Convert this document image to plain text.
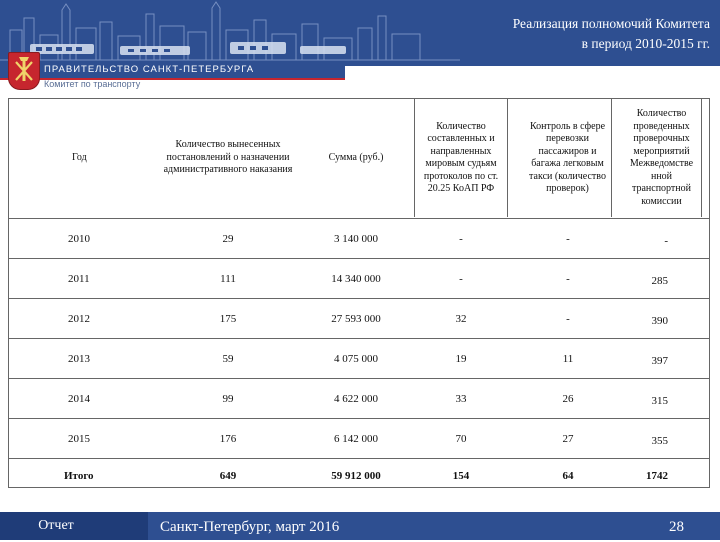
Реализация полномочий Комитета
в период 2010-2015 гг.
ПРАВИТЕЛЬСТВО САНКТ-ПЕТЕРБУРГА
Комитет по транспорту
Год	Количество вынесенных постановлений о назначении административного наказания	Сумма (руб.)	Количество составленных и направленных мировым судьям протоколов по ст. 20.25 КоАП РФ	Контроль в сфере перевозки пассажиров и багажа легковым такси (количество проверок)	Количество проведенных проверочных мероприятий Межведомстве нной транспортной комиссии

2010	29	3 140 000	-	-	-
2011	111	14 340 000	-	-	285
2012	175	27 593 000	32	-	390
2013	59	4 075 000	19	11	397
2014	99	4 622 000	33	26	315
2015	176	6 142 000	70	27	355
Итого	649	59 912 000	154	64	1742
Отчет	Санкт-Петербург, март 2016	28
